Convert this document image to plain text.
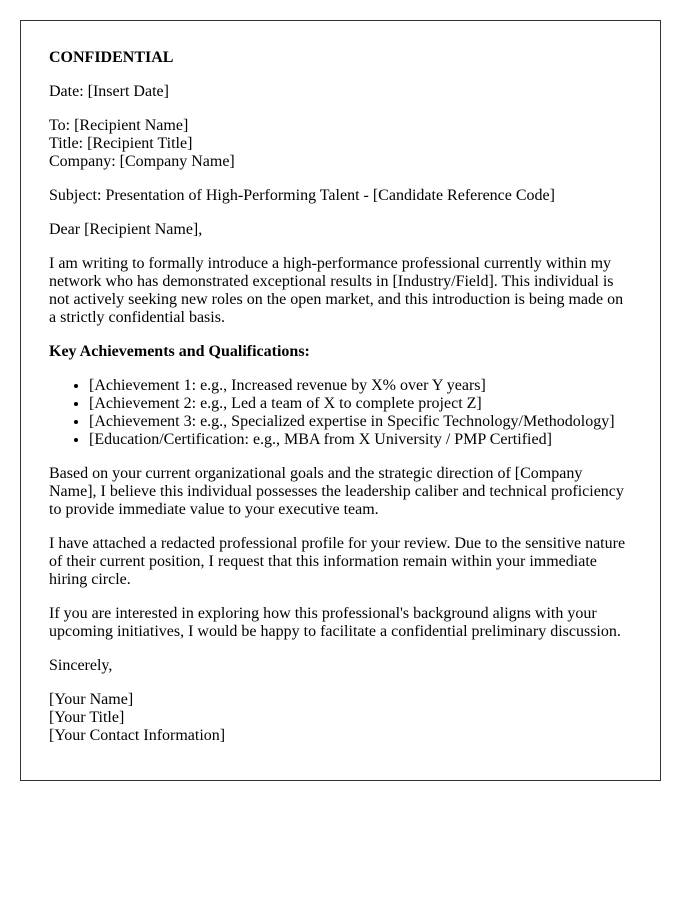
CONFIDENTIAL

Date: [Insert Date]

To: [Recipient Name]
Title: [Recipient Title]
Company: [Company Name]

Subject: Presentation of High-Performing Talent - [Candidate Reference Code]

Dear [Recipient Name],

I am writing to formally introduce a high-performance professional currently within my network who has demonstrated exceptional results in [Industry/Field]. This individual is not actively seeking new roles on the open market, and this introduction is being made on a strictly confidential basis.

Key Achievements and Qualifications:

• [Achievement 1: e.g., Increased revenue by X% over Y years]
• [Achievement 2: e.g., Led a team of X to complete project Z]
• [Achievement 3: e.g., Specialized expertise in Specific Technology/Methodology]
• [Education/Certification: e.g., MBA from X University / PMP Certified]

Based on your current organizational goals and the strategic direction of [Company Name], I believe this individual possesses the leadership caliber and technical proficiency to provide immediate value to your executive team.

I have attached a redacted professional profile for your review. Due to the sensitive nature of their current position, I request that this information remain within your immediate hiring circle.

If you are interested in exploring how this professional's background aligns with your upcoming initiatives, I would be happy to facilitate a confidential preliminary discussion.

Sincerely,

[Your Name]
[Your Title]
[Your Contact Information]
